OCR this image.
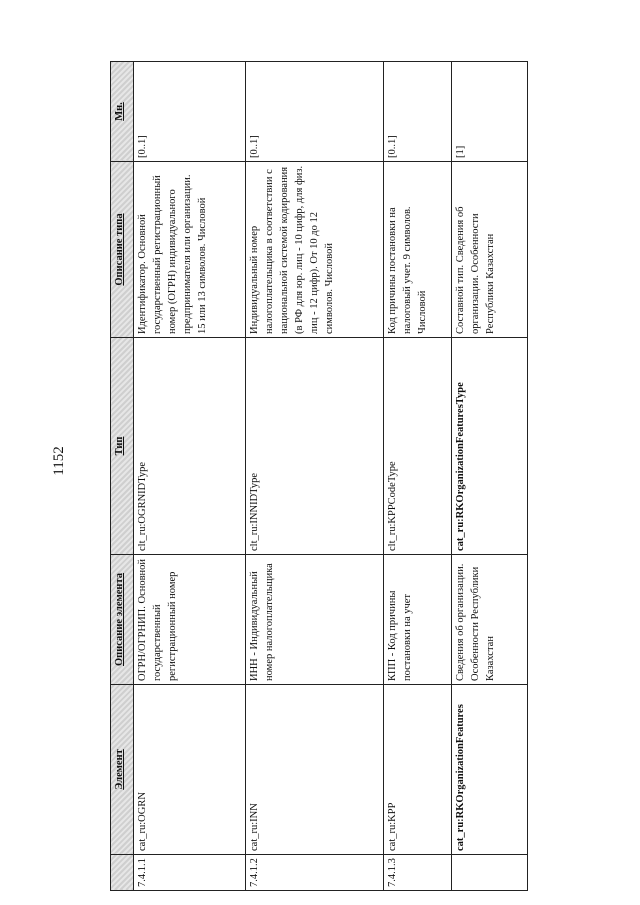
1152
	Элемент	Описание элемента	Тип	Описание типа	Мн.
7.4.1.1	cat_ru:OGRN	ОГРН/ОГРНИП. Основной государственный регистрационный номер	clt_ru:OGRNIDType	Идентификатор. Основной государственный регистрационный номер (ОГРН) индивидуального предпринимателя или организации. 15 или 13 символов. Числовой	[0..1]
7.4.1.2	cat_ru:INN	ИНН - Индивидуальный номер налогоплательщика	clt_ru:INNIDType	Индивидуальный номер налогоплательщика в соответствии с национальной системой кодирования (в РФ для юр. лиц - 10 цифр, для физ. лиц - 12 цифр). От 10 до 12 символов. Числовой	[0..1]
7.4.1.3	cat_ru:KPP	КПП - Код причины постановки на учет	clt_ru:KPPCodeType	Код причины постановки на налоговый учет. 9 символов. Числовой	[0..1]
	cat_ru:RKOrganizationFeatures	Сведения об организации. Особенности Республики Казахстан	cat_ru:RKOrganizationFeaturesType	Составной тип. Сведения об организации. Особенности Республики Казахстан	[1]
